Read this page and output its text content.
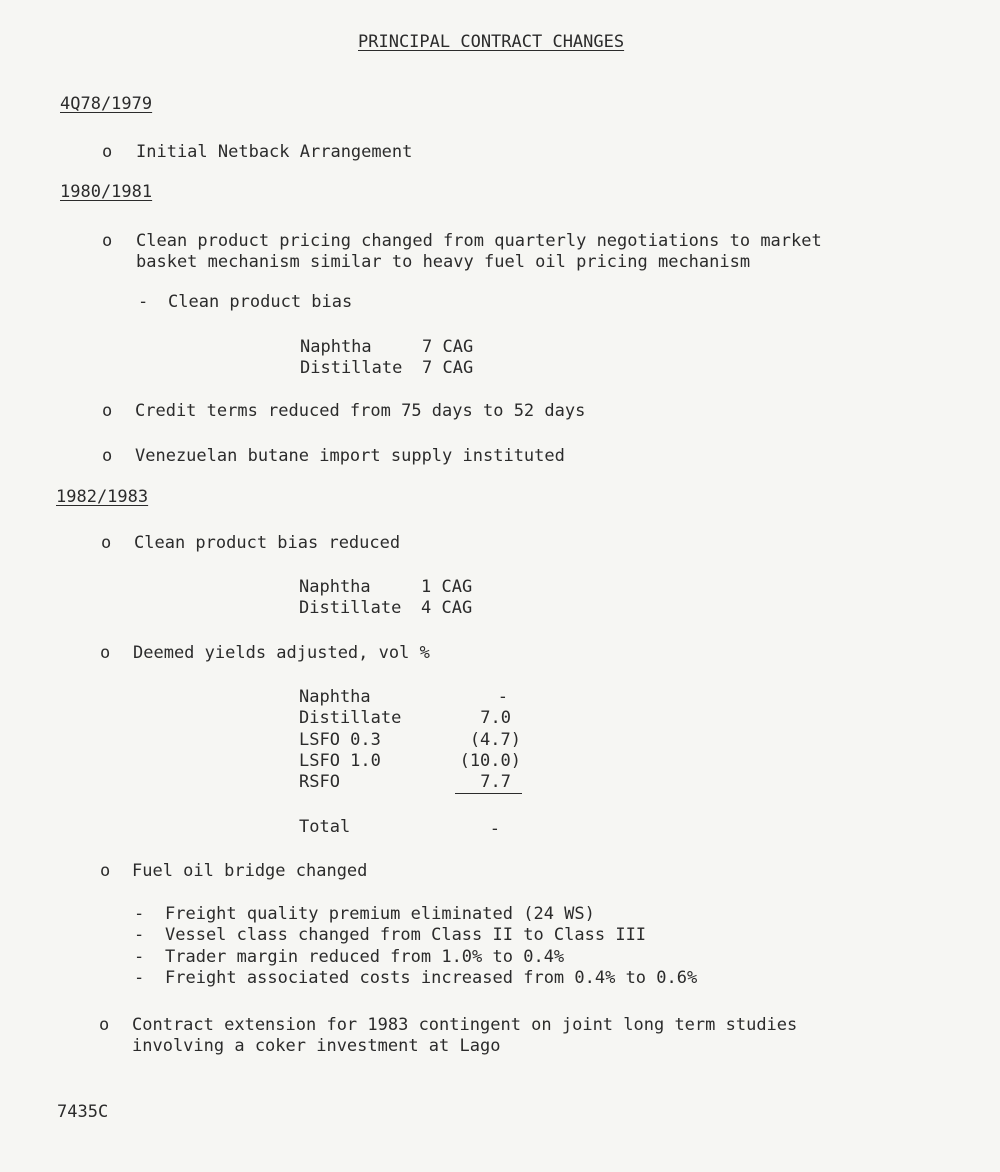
PRINCIPAL CONTRACT CHANGES
4Q78/1979
o Initial Netback Arrangement
1980/1981
o Clean product pricing changed from quarterly negotiations to market
basket mechanism similar to heavy fuel oil pricing mechanism
- Clean product bias
Naphtha	7 CAG
Distillate 7 CAG
o Credit terms reduced from 75 days to 52 days
o Venezuelan butane import supply instituted
1982/1983
o Clean product bias reduced
Naphtha	1 CAG
Distillate 4 CAG
o Deemed yields adjusted, vol %
Naphtha	-
Distillate	7.0
LSFO 0.3	(4.7)
LSFO 1.0	(10.0)
RSFO	7.7
Total	-
o Fuel oil bridge changed
- Freight quality premium eliminated (24 WS)
- Vessel class changed from Class II to Class III
- Trader margin reduced from 1.0% to 0.4%
- Freight associated costs increased from 0.4% to 0.6%
o Contract extension for 1983 contingent on joint long term studies
involving a coker investment at Lago
7435C
